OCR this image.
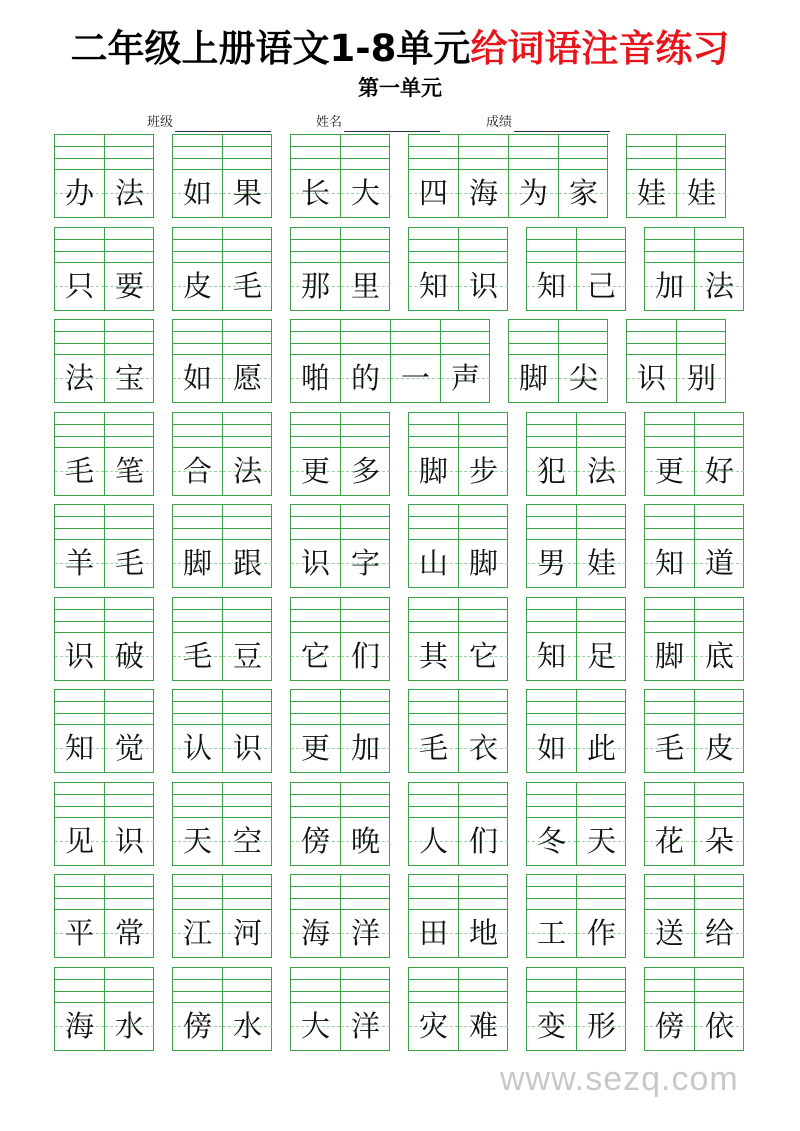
二年级上册语文1-8单元给词语注音练习
第一单元
班级	姓名	成绩
办 法	如 果	长 大	四 海 为 家	娃 娃
只 要	皮 毛	那 里	知 识	知 己	加 法
法 宝	如 愿	啪 的 一 声	脚 尖	识 别
毛 笔	合 法	更 多	脚 步	犯 法	更 好
羊 毛	脚 跟	识 字	山 脚	男 娃	知 道
识 破	毛 豆	它 们	其 它	知 足	脚 底
知 觉	认 识	更 加	毛 衣	如 此	毛 皮
见 识	天 空	傍 晚	人 们	冬 天	花 朵
平 常	江 河	海 洋	田 地	工 作	送 给
海 水	傍 水	大 洋	灾 难	变 形	傍 依
www.sezq.com
